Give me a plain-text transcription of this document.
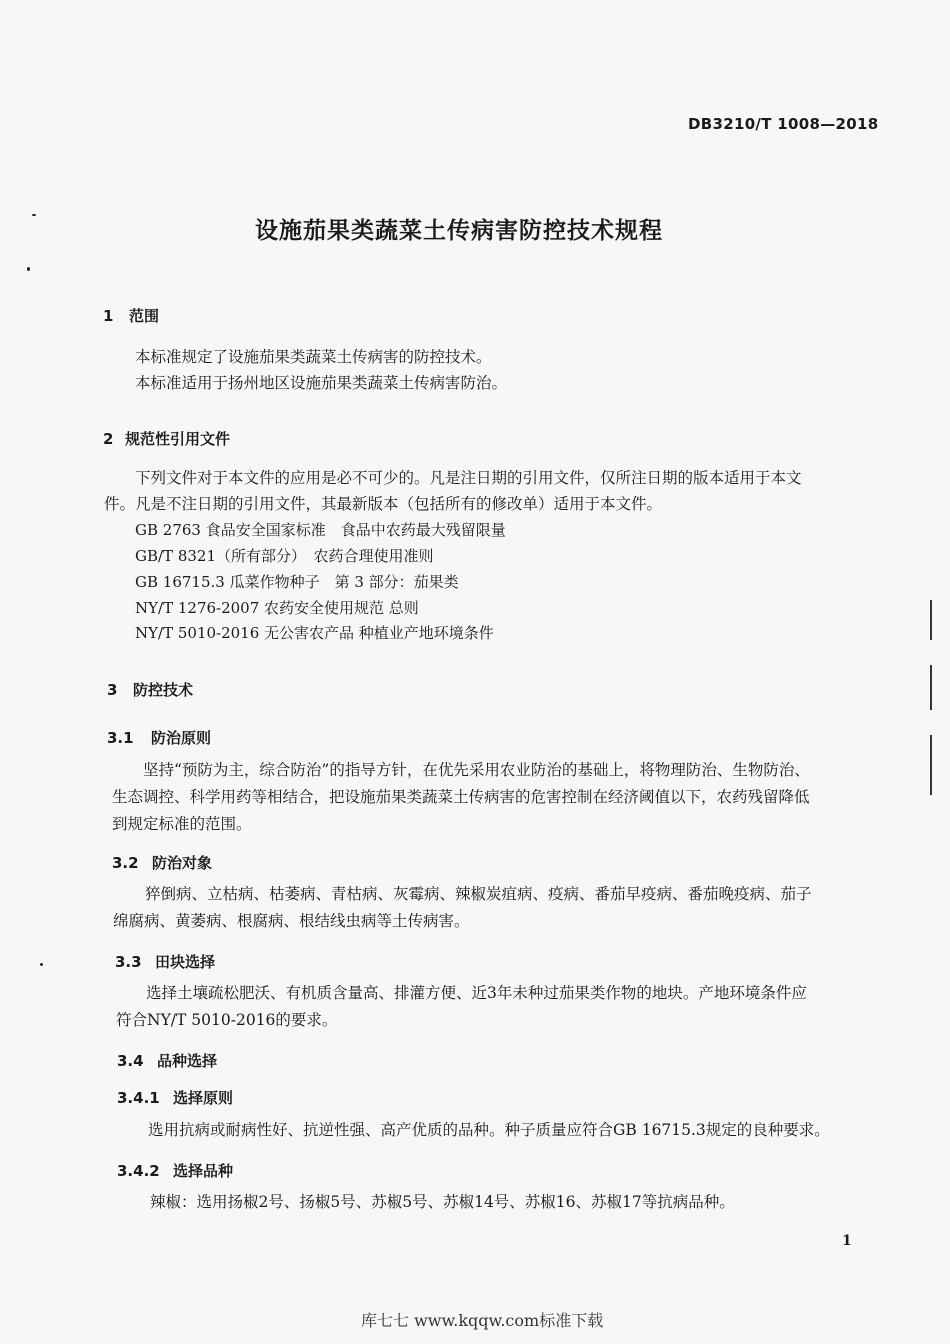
DB3210/T 1008—2018
设施茄果类蔬菜土传病害防控技术规程
1 范围
本标准规定了设施茄果类蔬菜土传病害的防控技术。
本标准适用于扬州地区设施茄果类蔬菜土传病害防治。
2 规范性引用文件
下列文件对于本文件的应用是必不可少的。凡是注日期的引用文件，仅所注日期的版本适用于本文
件。凡是不注日期的引用文件，其最新版本（包括所有的修改单）适用于本文件。
GB 2763 食品安全国家标准　食品中农药最大残留限量
GB/T 8321（所有部分）　农药合理使用准则
GB 16715.3 瓜菜作物种子　第 3 部分：茄果类
NY/T 1276-2007 农药安全使用规范 总则
NY/T 5010-2016 无公害农产品 种植业产地环境条件
3 防控技术
3.1 防治原则
坚持“预防为主，综合防治”的指导方针，在优先采用农业防治的基础上，将物理防治、生物防治、
生态调控、科学用药等相结合，把设施茄果类蔬菜土传病害的危害控制在经济阈值以下，农药残留降低
到规定标准的范围。
3.2 防治对象
猝倒病、立枯病、枯萎病、青枯病、灰霉病、辣椒炭疽病、疫病、番茄早疫病、番茄晚疫病、茄子
绵腐病、黄萎病、根腐病、根结线虫病等土传病害。
3.3 田块选择
选择土壤疏松肥沃、有机质含量高、排灌方便、近3年未种过茄果类作物的地块。产地环境条件应
符合NY/T 5010-2016的要求。
3.4 品种选择
3.4.1 选择原则
选用抗病或耐病性好、抗逆性强、高产优质的品种。种子质量应符合GB 16715.3规定的良种要求。
3.4.2 选择品种
辣椒：选用扬椒2号、扬椒5号、苏椒5号、苏椒14号、苏椒16、苏椒17等抗病品种。
1
库七七 www.kqqw.com标准下载
